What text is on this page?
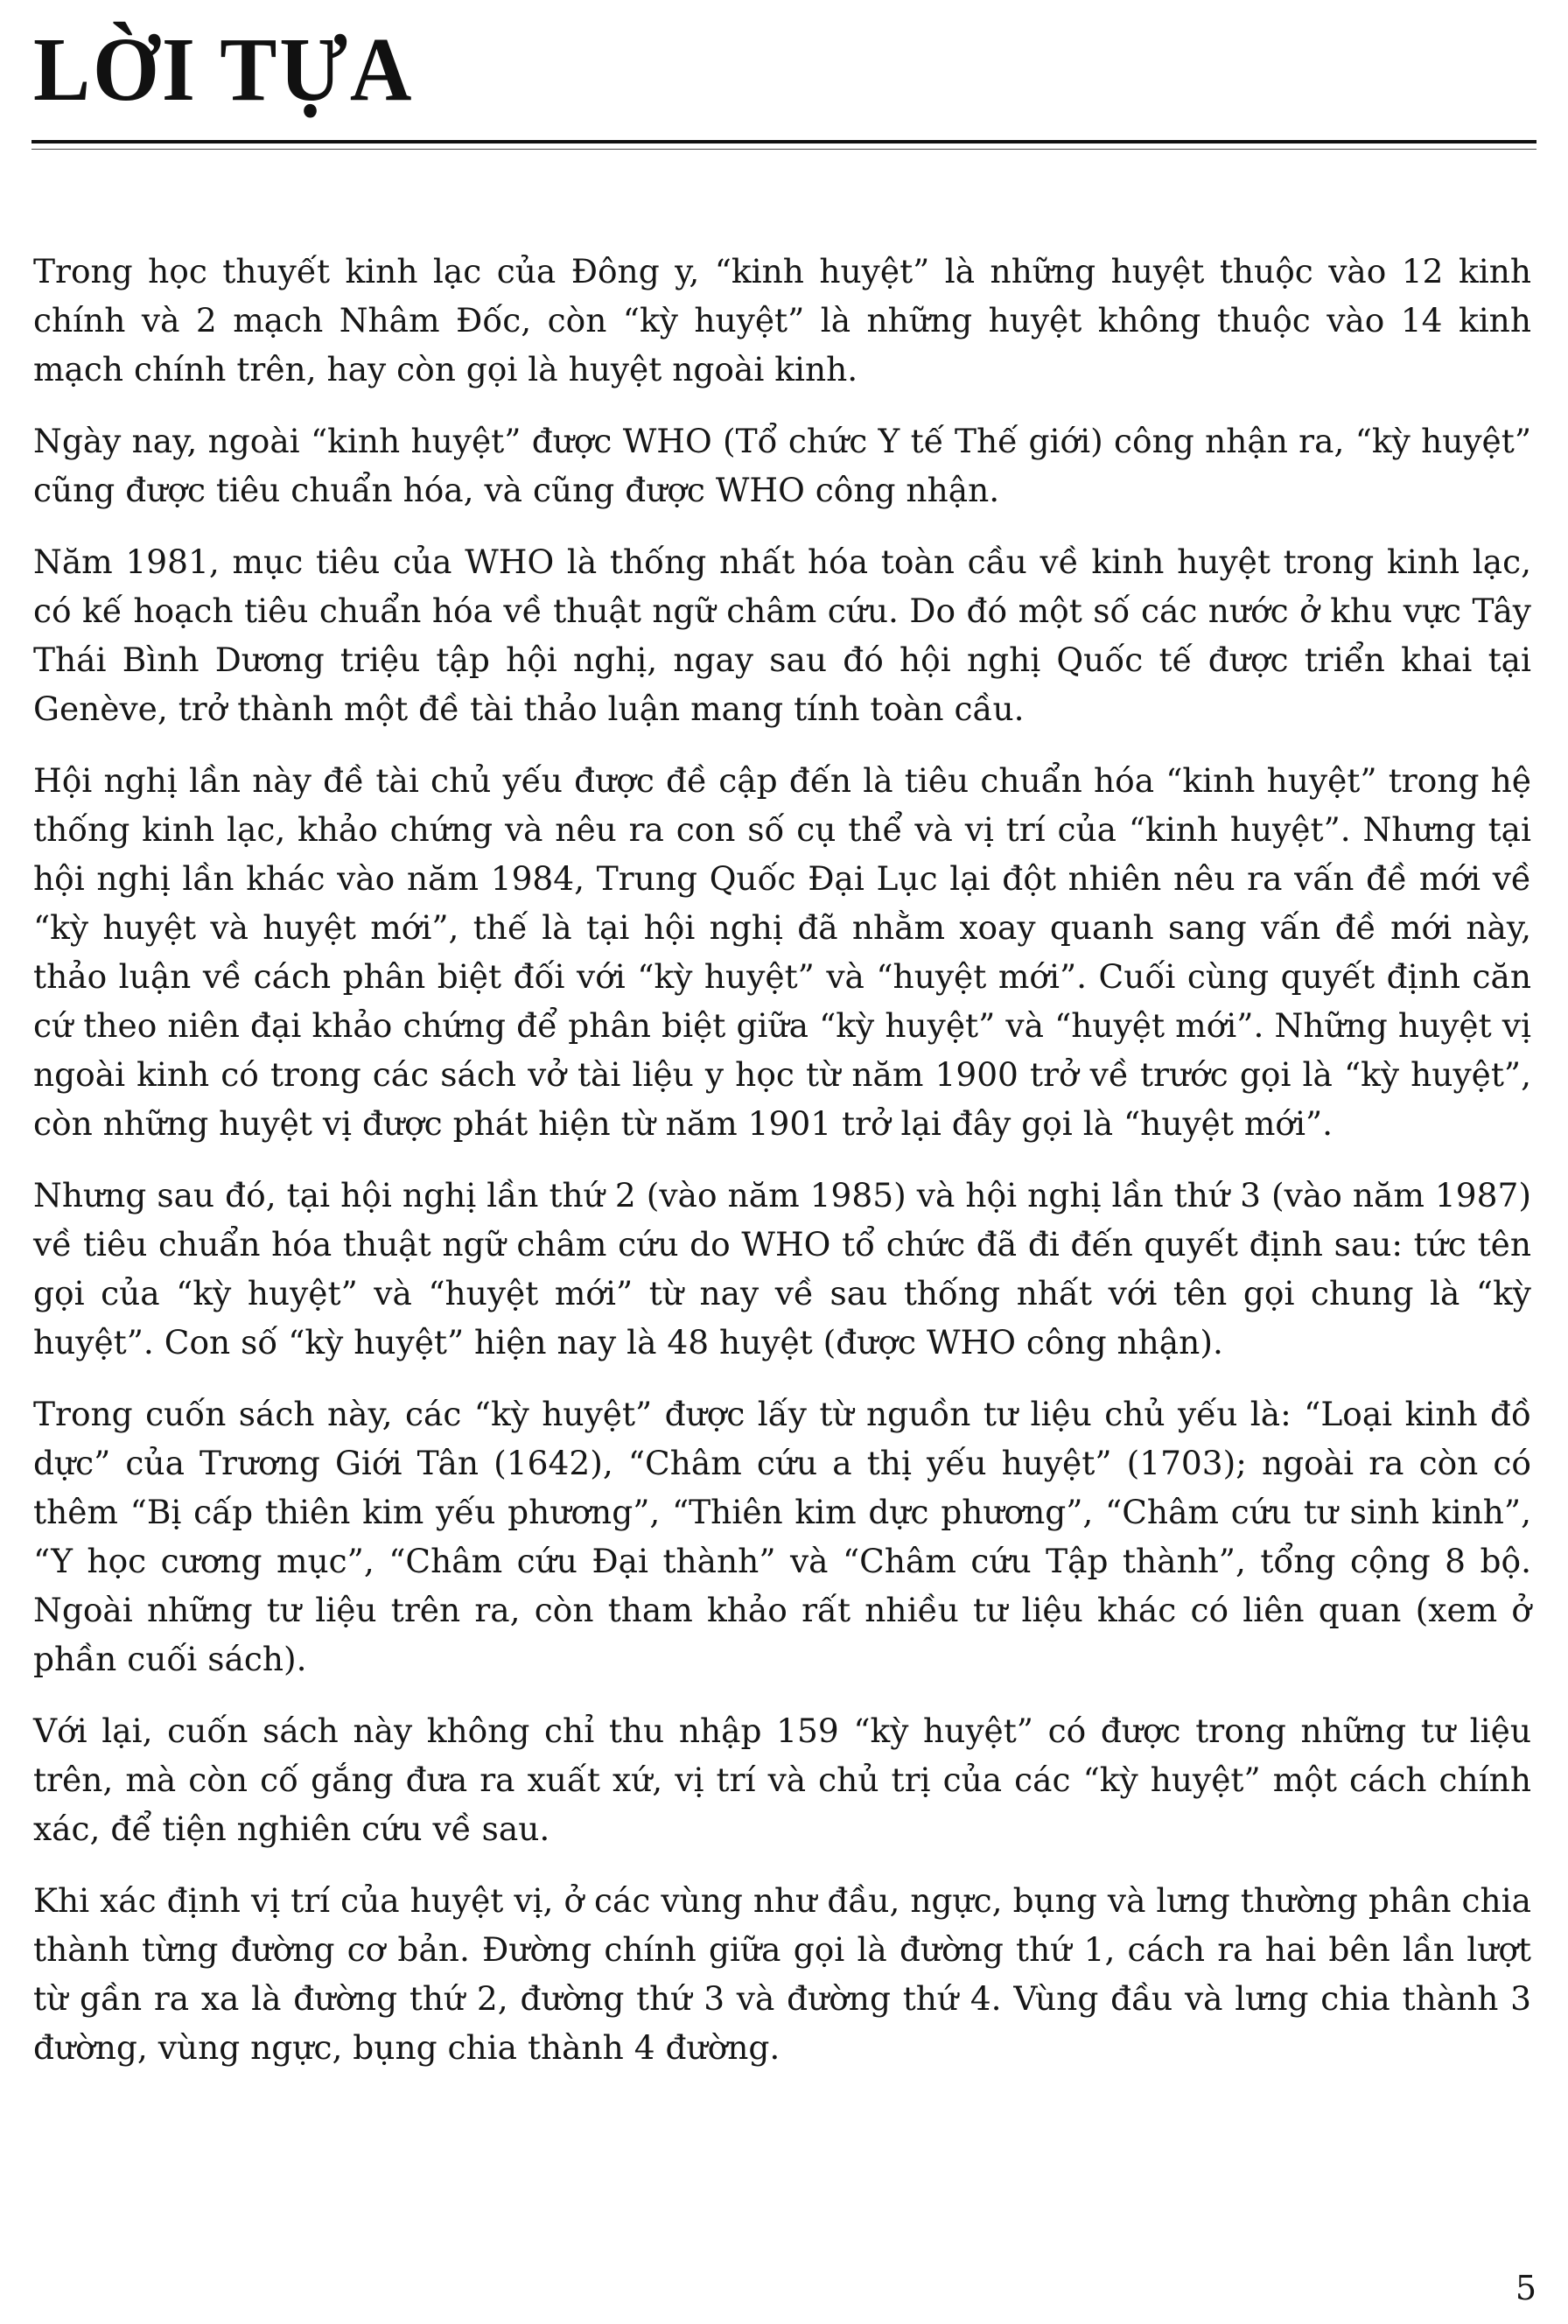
LỜI TỰA

Trong học thuyết kinh lạc của Đông y, “kinh huyệt” là những huyệt thuộc vào 12 kinh chính và 2 mạch Nhâm Đốc, còn “kỳ huyệt” là những huyệt không thuộc vào 14 kinh mạch chính trên, hay còn gọi là huyệt ngoài kinh.

Ngày nay, ngoài “kinh huyệt” được WHO (Tổ chức Y tế Thế giới) công nhận ra, “kỳ huyệt” cũng được tiêu chuẩn hóa, và cũng được WHO công nhận.

Năm 1981, mục tiêu của WHO là thống nhất hóa toàn cầu về kinh huyệt trong kinh lạc, có kế hoạch tiêu chuẩn hóa về thuật ngữ châm cứu. Do đó một số các nước ở khu vực Tây Thái Bình Dương triệu tập hội nghị, ngay sau đó hội nghị Quốc tế được triển khai tại Genève, trở thành một đề tài thảo luận mang tính toàn cầu.

Hội nghị lần này đề tài chủ yếu được đề cập đến là tiêu chuẩn hóa “kinh huyệt” trong hệ thống kinh lạc, khảo chứng và nêu ra con số cụ thể và vị trí của “kinh huyệt”. Nhưng tại hội nghị lần khác vào năm 1984, Trung Quốc Đại Lục lại đột nhiên nêu ra vấn đề mới về “kỳ huyệt và huyệt mới”, thế là tại hội nghị đã nhằm xoay quanh sang vấn đề mới này, thảo luận về cách phân biệt đối với “kỳ huyệt” và “huyệt mới”. Cuối cùng quyết định căn cứ theo niên đại khảo chứng để phân biệt giữa “kỳ huyệt” và “huyệt mới”. Những huyệt vị ngoài kinh có trong các sách vở tài liệu y học từ năm 1900 trở về trước gọi là “kỳ huyệt”, còn những huyệt vị được phát hiện từ năm 1901 trở lại đây gọi là “huyệt mới”.

Nhưng sau đó, tại hội nghị lần thứ 2 (vào năm 1985) và hội nghị lần thứ 3 (vào năm 1987) về tiêu chuẩn hóa thuật ngữ châm cứu do WHO tổ chức đã đi đến quyết định sau: tức tên gọi của “kỳ huyệt” và “huyệt mới” từ nay về sau thống nhất với tên gọi chung là “kỳ huyệt”. Con số “kỳ huyệt” hiện nay là 48 huyệt (được WHO công nhận).

Trong cuốn sách này, các “kỳ huyệt” được lấy từ nguồn tư liệu chủ yếu là: “Loại kinh đồ dực” của Trương Giới Tân (1642), “Châm cứu a thị yếu huyệt” (1703); ngoài ra còn có thêm “Bị cấp thiên kim yếu phương”, “Thiên kim dực phương”, “Châm cứu tư sinh kinh”, “Y học cương mục”, “Châm cứu Đại thành” và “Châm cứu Tập thành”, tổng cộng 8 bộ. Ngoài những tư liệu trên ra, còn tham khảo rất nhiều tư liệu khác có liên quan (xem ở phần cuối sách).

Với lại, cuốn sách này không chỉ thu nhập 159 “kỳ huyệt” có được trong những tư liệu trên, mà còn cố gắng đưa ra xuất xứ, vị trí và chủ trị của các “kỳ huyệt” một cách chính xác, để tiện nghiên cứu về sau.

Khi xác định vị trí của huyệt vị, ở các vùng như đầu, ngực, bụng và lưng thường phân chia thành từng đường cơ bản. Đường chính giữa gọi là đường thứ 1, cách ra hai bên lần lượt từ gần ra xa là đường thứ 2, đường thứ 3 và đường thứ 4. Vùng đầu và lưng chia thành 3 đường, vùng ngực, bụng chia thành 4 đường.

5
